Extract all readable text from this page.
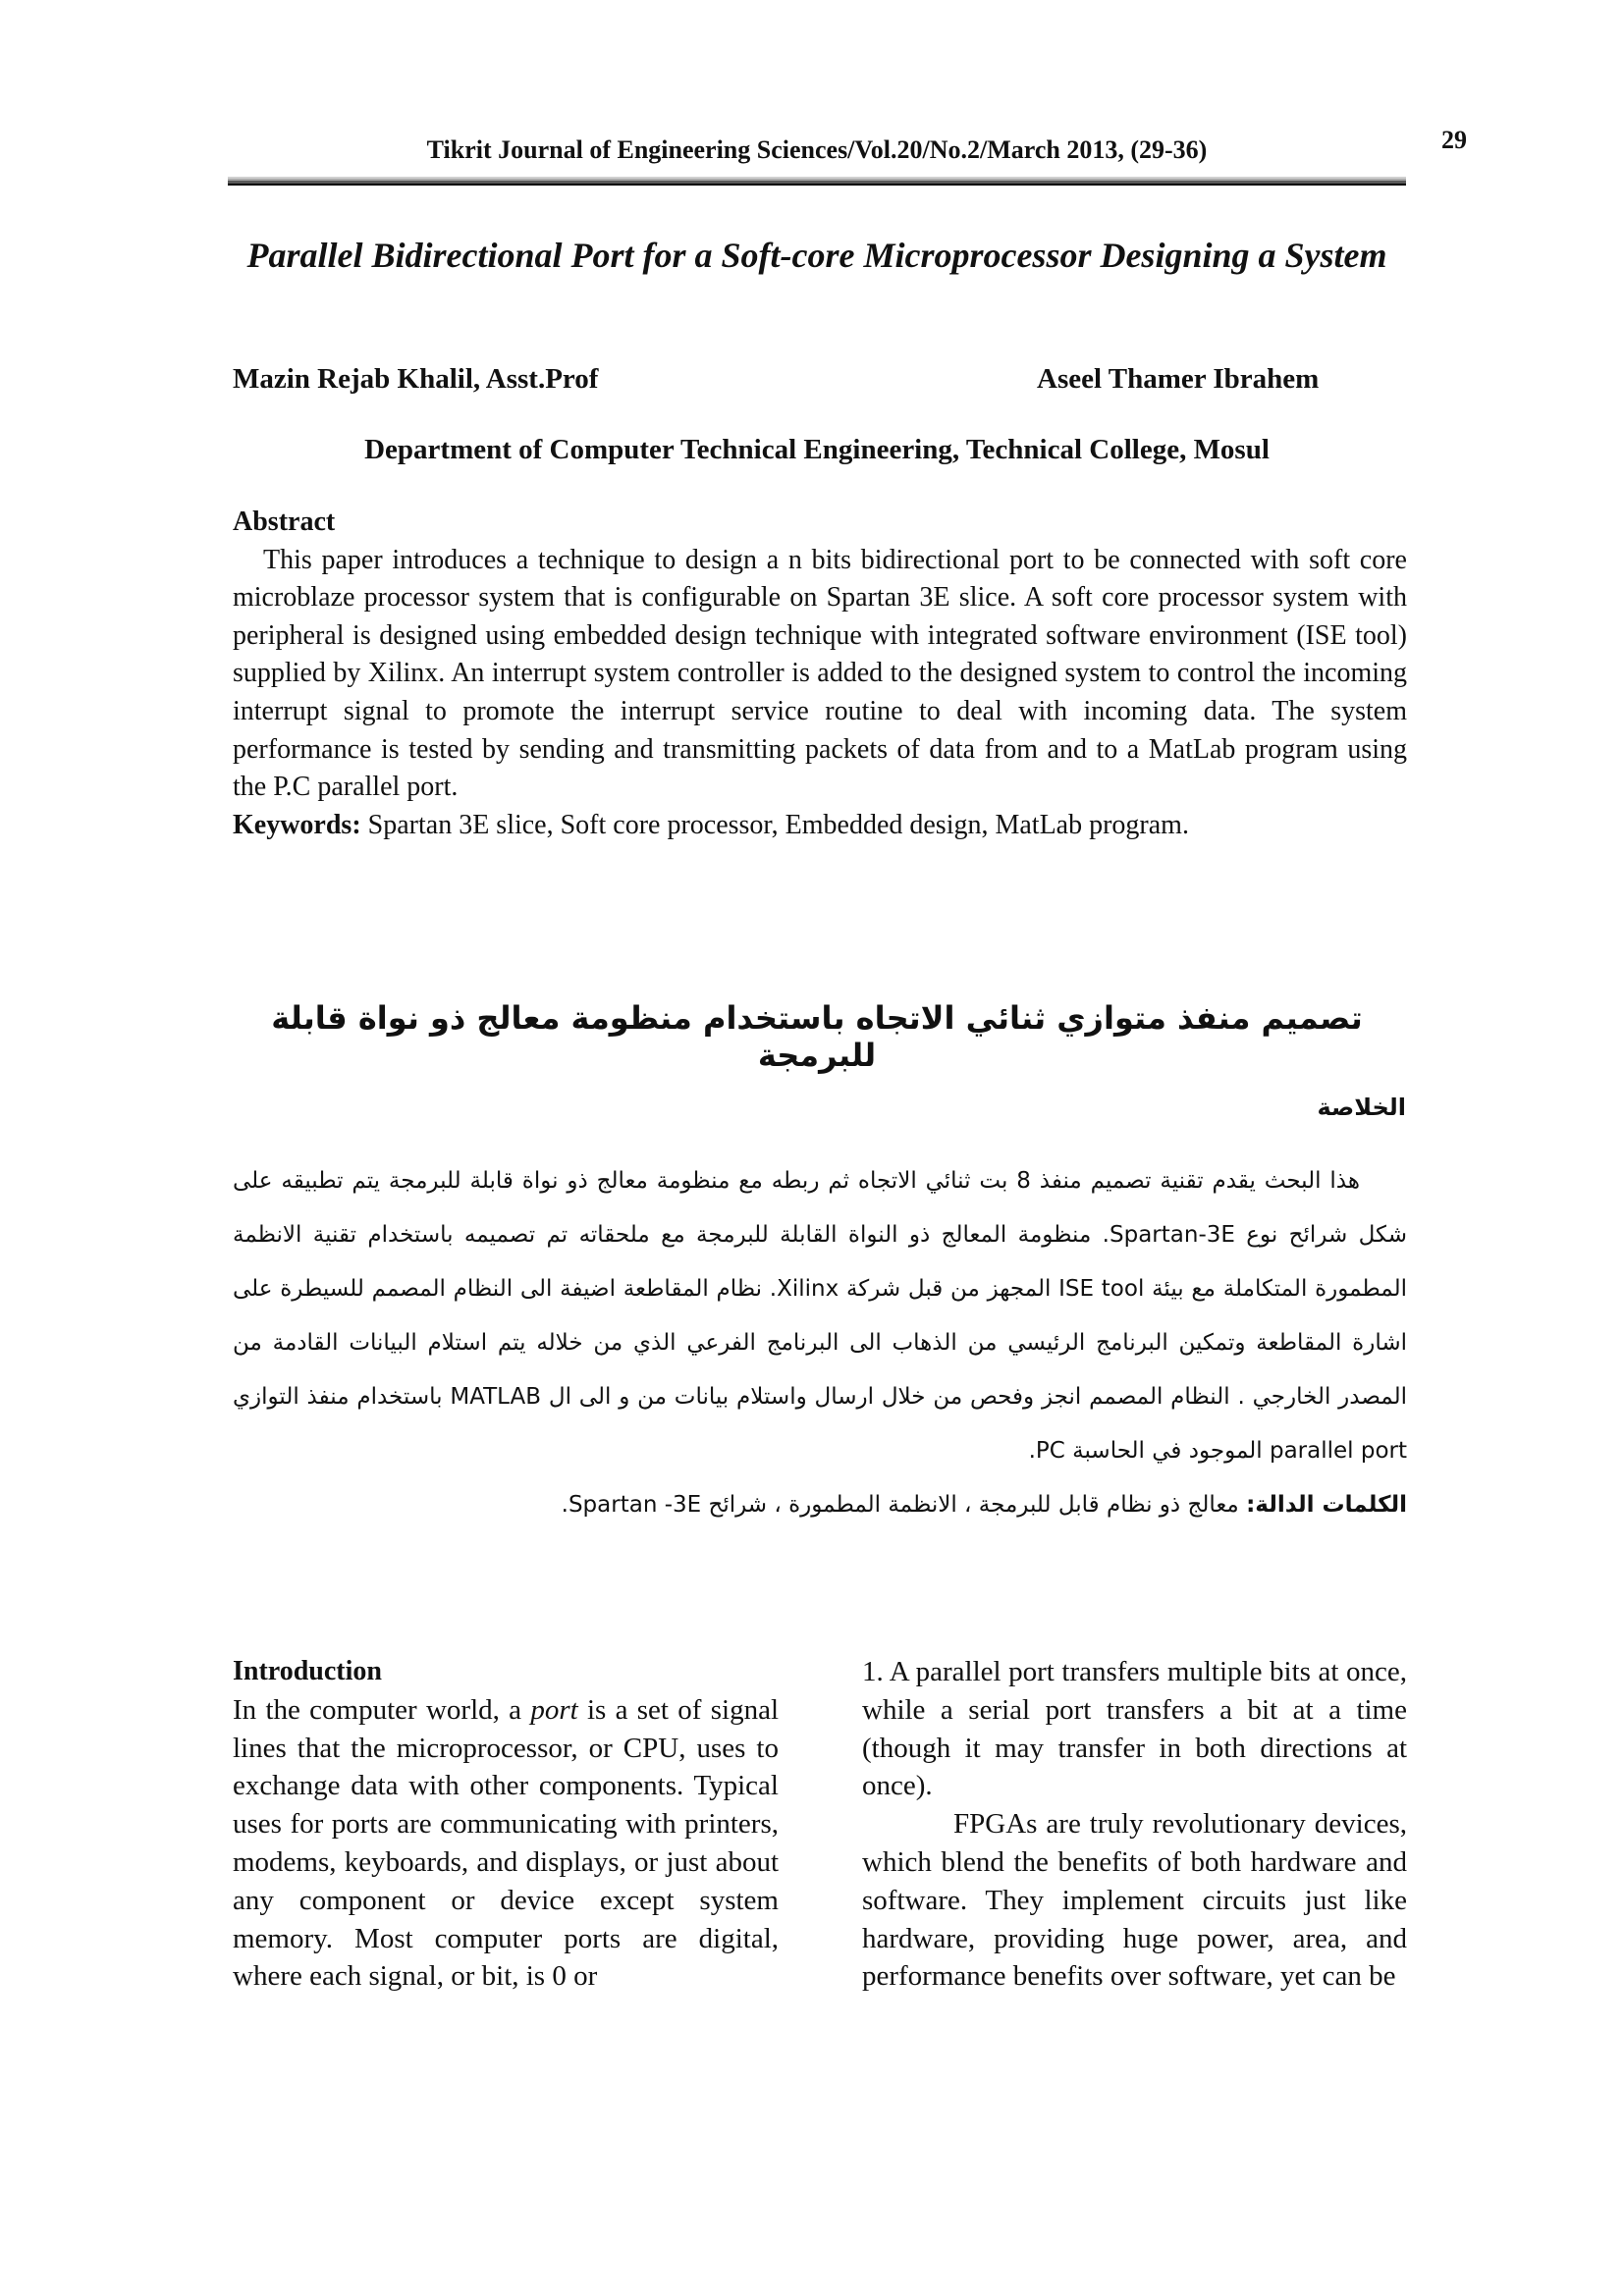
Tikrit Journal of Engineering Sciences/Vol.20/No.2/March 2013, (29-36)	29
Parallel Bidirectional Port for a Soft-core Microprocessor Designing a System
Mazin Rejab Khalil, Asst.Prof	Aseel Thamer Ibrahem
Department of Computer Technical Engineering, Technical College, Mosul
Abstract

This paper introduces a technique to design a n bits bidirectional port to be connected with soft core microblaze processor system that is configurable on Spartan 3E slice. A soft core processor system with peripheral is designed using embedded design technique with integrated software environment (ISE tool) supplied by Xilinx. An interrupt system controller is added to the designed system to control the incoming interrupt signal to promote the interrupt service routine to deal with incoming data. The system performance is tested by sending and transmitting packets of data from and to a MatLab program using the P.C parallel port.

Keywords: Spartan 3E slice, Soft core processor, Embedded design, MatLab program.

تصميم منفذ متوازي ثنائي الاتجاه باستخدام منظومة معالج ذو نواة قابلة للبرمجة
الخلاصة

هذا البحث يقدم تقنية تصميم منفذ 8 بت ثنائي الاتجاه ثم ربطه مع منظومة معالج ذو نواة قابلة للبرمجة يتم تطبيقه على شكل شرائح نوع Spartan-3E. منظومة المعالج ذو النواة القابلة للبرمجة مع ملحقاته تم تصميمه باستخدام تقنية الانظمة المطمورة المتكاملة مع بيئة ISE tool المجهز من قبل شركة Xilinx. نظام المقاطعة اضيفة الى النظام المصمم للسيطرة على اشارة المقاطعة وتمكين البرنامج الرئيسي من الذهاب الى البرنامج الفرعي الذي من خلاله يتم استلام البيانات القادمة من المصدر الخارجي . النظام المصمم انجز وفحص من خلال ارسال واستلام بيانات من و الى ال MATLAB باستخدام منفذ التوازي parallel port الموجود في الحاسبة PC.

الكلمات الدالة: معالج ذو نظام قابل للبرمجة ، الانظمة المطمورة ، شرائح Spartan -3E.

Introduction

In the computer world, a port is a set of signal lines that the microprocessor, or CPU, uses to exchange data with other components. Typical uses for ports are communicating with printers, modems, keyboards, and displays, or just about any component or device except system memory. Most computer ports are digital, where each signal, or bit, is 0 or

1. A parallel port transfers multiple bits at once, while a serial port transfers a bit at a time (though it may transfer in both directions at once).

FPGAs are truly revolutionary devices, which blend the benefits of both hardware and software. They implement circuits just like hardware, providing huge power, area, and performance benefits over software, yet can be
